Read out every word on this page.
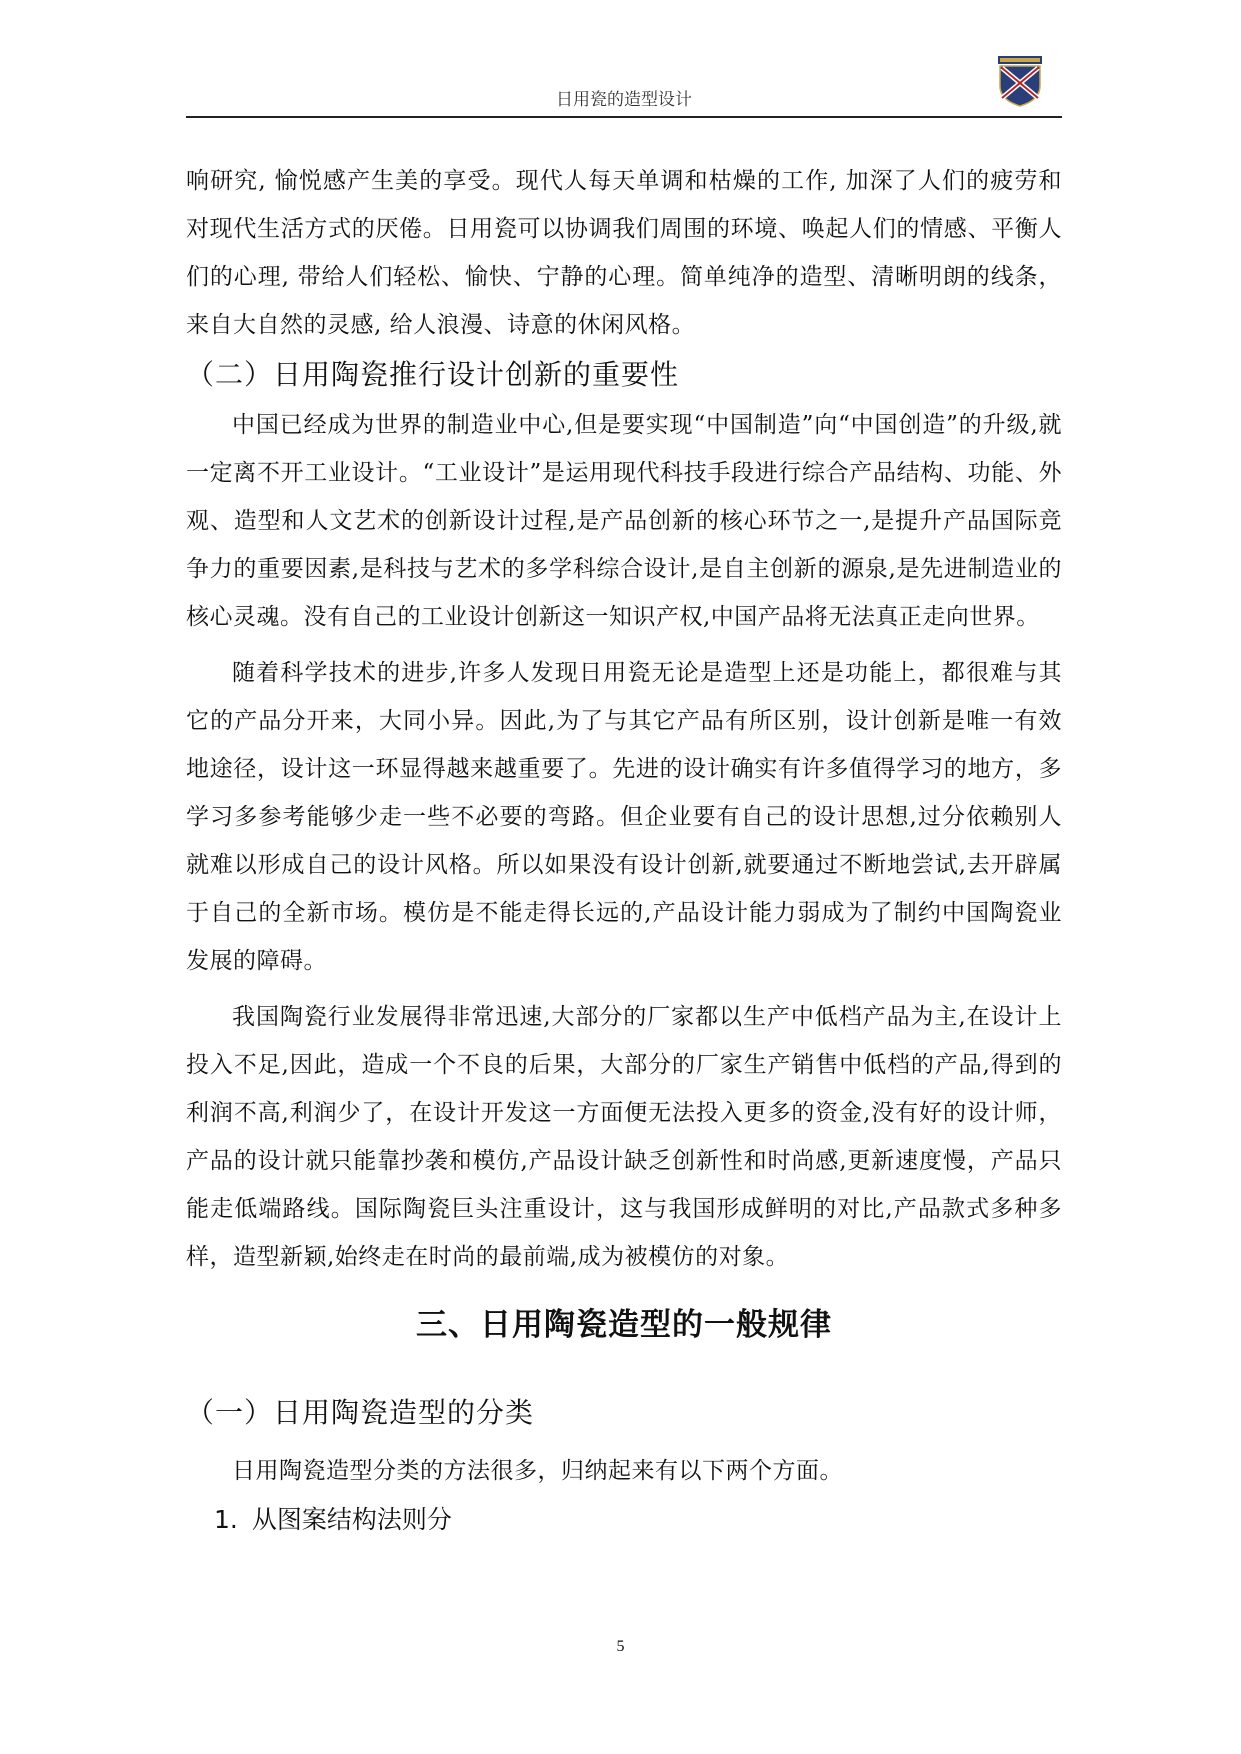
日用瓷的造型设计

响研究, 愉悦感产生美的享受。现代人每天单调和枯燥的工作, 加深了人们的疲劳和对现代生活方式的厌倦。日用瓷可以协调我们周围的环境、唤起人们的情感、平衡人们的心理, 带给人们轻松、愉快、宁静的心理。简单纯净的造型、清晰明朗的线条，来自大自然的灵感, 给人浪漫、诗意的休闲风格。

（二）日用陶瓷推行设计创新的重要性

中国已经成为世界的制造业中心,但是要实现“中国制造”向“中国创造”的升级,就一定离不开工业设计。“工业设计”是运用现代科技手段进行综合产品结构、功能、外观、造型和人文艺术的创新设计过程,是产品创新的核心环节之一,是提升产品国际竞争力的重要因素,是科技与艺术的多学科综合设计,是自主创新的源泉,是先进制造业的核心灵魂。没有自己的工业设计创新这一知识产权,中国产品将无法真正走向世界。

随着科学技术的进步,许多人发现日用瓷无论是造型上还是功能上，都很难与其它的产品分开来，大同小异。因此,为了与其它产品有所区别，设计创新是唯一有效地途径，设计这一环显得越来越重要了。先进的设计确实有许多值得学习的地方，多学习多参考能够少走一些不必要的弯路。但企业要有自己的设计思想,过分依赖别人就难以形成自己的设计风格。所以如果没有设计创新,就要通过不断地尝试,去开辟属于自己的全新市场。模仿是不能走得长远的,产品设计能力弱成为了制约中国陶瓷业发展的障碍。

我国陶瓷行业发展得非常迅速,大部分的厂家都以生产中低档产品为主,在设计上投入不足,因此，造成一个不良的后果，大部分的厂家生产销售中低档的产品,得到的利润不高,利润少了，在设计开发这一方面便无法投入更多的资金,没有好的设计师，产品的设计就只能靠抄袭和模仿,产品设计缺乏创新性和时尚感,更新速度慢，产品只能走低端路线。国际陶瓷巨头注重设计，这与我国形成鲜明的对比,产品款式多种多样，造型新颖,始终走在时尚的最前端,成为被模仿的对象。

三、日用陶瓷造型的一般规律
（一）日用陶瓷造型的分类

日用陶瓷造型分类的方法很多，归纳起来有以下两个方面。

1. 从图案结构法则分
5
